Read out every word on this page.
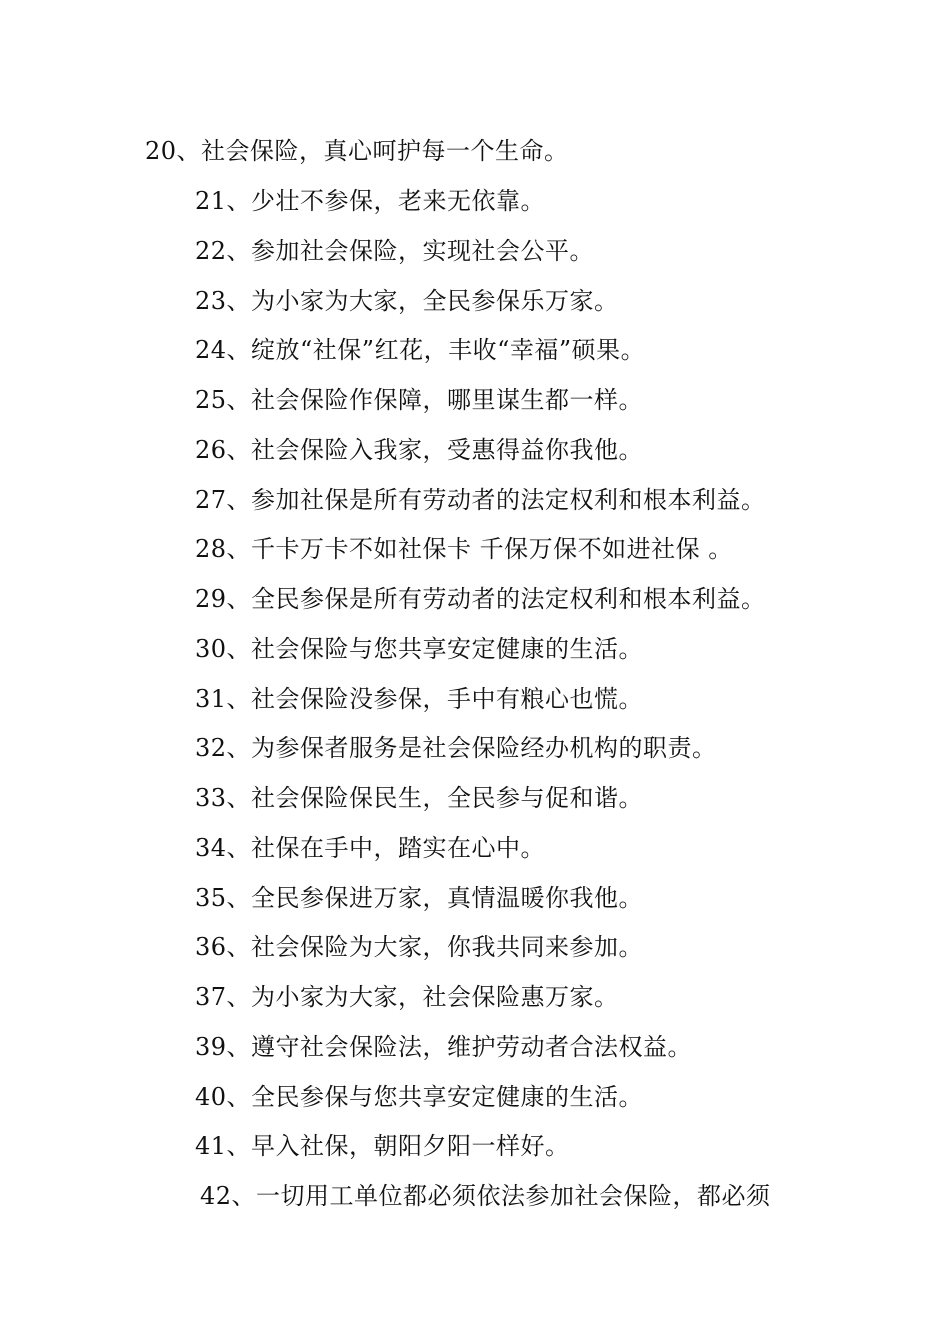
20、社会保险，真心呵护每一个生命。
21、少壮不参保，老来无依靠。
22、参加社会保险，实现社会公平。
23、为小家为大家，全民参保乐万家。
24、绽放“社保”红花，丰收“幸福”硕果。
25、社会保险作保障，哪里谋生都一样。
26、社会保险入我家，受惠得益你我他。
27、参加社保是所有劳动者的法定权利和根本利益。
28、千卡万卡不如社保卡 千保万保不如进社保 。
29、全民参保是所有劳动者的法定权利和根本利益。
30、社会保险与您共享安定健康的生活。
31、社会保险没参保，手中有粮心也慌。
32、为参保者服务是社会保险经办机构的职责。
33、社会保险保民生，全民参与促和谐。
34、社保在手中，踏实在心中。
35、全民参保进万家，真情温暖你我他。
36、社会保险为大家，你我共同来参加。
37、为小家为大家，社会保险惠万家。
39、遵守社会保险法，维护劳动者合法权益。
40、全民参保与您共享安定健康的生活。
41、早入社保，朝阳夕阳一样好。
42、一切用工单位都必须依法参加社会保险，都必须
